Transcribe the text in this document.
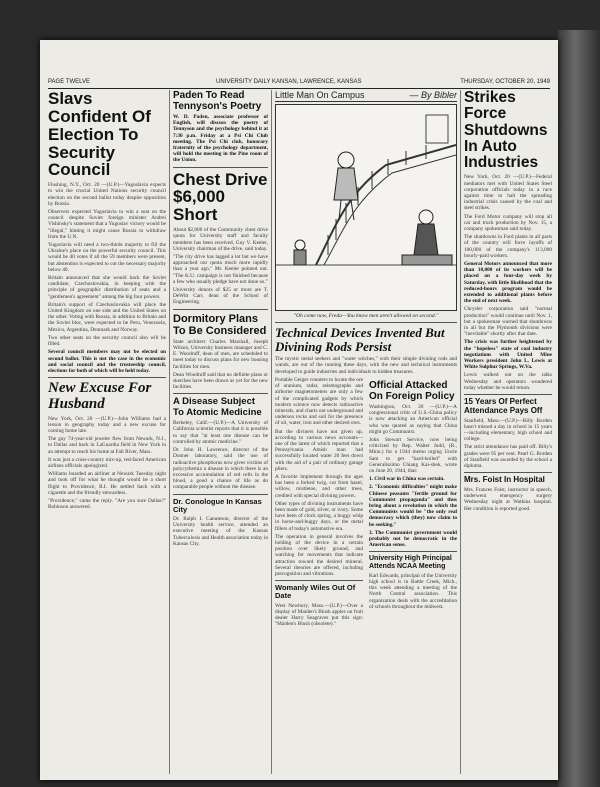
PAGE TWELVE	UNIVERSITY DAILY KANSAN, LAWRENCE, KANSAS	THURSDAY, OCTOBER 20, 1949
Slavs Confident Of Election To Security Council

Flushing, N.Y., Oct. 20 —(U.P.)—Yugoslavia expects to win the crucial United Nations security council election on the second ballot today despite opposition by Russia.

Observers expected Yugoslavia to win a seat on the council despite Soviet foreign minister Andrei Vishinsky's statement that a Yugoslav victory would be "illegal," hinting it might cause Russia to withdraw from the U.N.

Yugoslavia will need a two-thirds majority to fill the Ukraine's place on the powerful security council. This would be 40 votes if all the 59 members were present, but abstention is expected to cut the necessary majority below 40.

Britain announced that she would back the Soviet candidate, Czechoslovakia, in keeping with the principle of geographic distribution of seats and a "gentlemen's agreement" among the big four powers.

Britain's support of Czechoslovakia will place the United Kingdom on one side and the United States on the other. Voting with Russia, in addition to Britain and the Soviet bloc, were expected to be Peru, Venezuela, Mexico, Argentina, Denmark and Norway.

Two other seats on the security council also will be filled.

Several council members may not be elected on second ballot. This is not the case in the economic and social council and the trusteeship council, elections for both of which will be held today.

New Excuse For Husband

New York, Oct. 20 —(U.P.)—John Williams had a lesson in geography today and a new excuse for coming home late.

The gay 74-year-old jeweler flew from Newark, N.J., to Dallas and back in LaGuardia field in New York in an attempt to reach his home at Fall River, Mass.

It was just a cross-country mix-up, red-faced American airlines officials apologized.

Williams boarded an airliner at Newark Tuesday night and took off for what he thought would be a short flight to Providence, R.I. He settled back with a cigarette and the friendly stewardess.

"Providence," came the reply. "Are you sure Dallas?" Robinson answered.

Paden To Read Tennyson's Poetry

W. D. Paden, associate professor of English, will discuss the poetry of Tennyson and the psychology behind it at 7:30 p.m. Friday at a Psi Chi Club meeting. The Psi Chi club, honorary fraternity of the psychology department, will hold the meeting in the Pine room of the Union.

Chest Drive $6,000 Short

About $2,000 of the Community chest drive quota for University staff and faculty members has been received, Guy V. Keeler, University chairman of the drive, said today.

"The city drive has lagged a lot but we have approached our quota much more rapidly than a year ago," Mr. Keeler pointed out. "The K.U. campaign is not finished because a few who usually pledge have not done so."

University donors of $25 or more are T. DeWitt Carr, dean of the School of Engineering.

Dormitory Plans To Be Considered

State architect Charles Marshall, Joseph Wilson, University business manager and C. E. Woodruff, dean of men, are scheduled to meet today to discuss plans for new housing facilities for men.

Dean Woodruff said that no definite plans or sketches have been drawn as yet for the new facilities.

A Disease Subject To Atomic Medicine

Berkeley, Calif.—(U.P.)—A University of California scientist reports that it is possible to say that "at least one disease can be controlled by atomic medicine."

Dr. John H. Lawrence, director of the Donner laboratory, said the use of radioactive phosphorus now gives victims of polycythemia a disease in which there is an excessive accumulation of red cells in the blood, a good a chance of life as do comparable people without the disease.

Dr. Conologue In Kansas City

Dr. Ralph I. Canuteson, director of the University health service, attended an executive meeting of the Kansas Tuberculosis and Health association today in Kansas City.

Little Man On Campus	— By Bibler
"Oh come now, Freda—You know men aren't allowed on second."
Technical Devices Invented But Divining Rods Persist

The mystic metal seekers and "water witches," with their simple divining rods and wands, are out of the running these days, with the new and technical instruments developed to guide industries and individuals to hidden treasures.

Portable Geiger counters to locate the ore of uranium, radar, seismographs and airborne magnetometers are only a few of the complicated gadgets by which modern science now detects radioactive minerals, and charts out underground and undersea rocks and soil for the presence of oil, water, iron and other desired ores.

But the diviners have not given up, according to various news accounts—one of the latest of which reported that a Pennsylvania Amish man had successfully located water 20 feet down with the aid of a pair of ordinary garage pliers.

A favorite implement through the ages has been a forked twig, cut from hazel, willow, mistletoe, and other trees, credited with special divining powers.

Other types of divining instruments have been made of gold, silver, or ivory. Some have been of clock spring, a buggy whip in horse-and-buggy days, or the metal fillers of today's automotive era.

The operation in general involves the holding of the device in a certain position over likely ground, and watching for movements that indicate attraction toward the desired mineral. Several theories are offered, including precognition and vibrations.

Womanly Wiles Out Of Date

West Newbury, Mass.—(U.P.)—Over a display of Maiden's Blush apples on fruit dealer Harry Seagraves put this sign: "Maiden's Blush (obsolete)."

Official Attacked On Foreign Policy

Washington, Oct. 20 —(U.P.)—A congressional critic of U.S.-China policy is now attacking an American official who was quoted as saying that China might go Communist.

John Stewart Service, now being criticized by Rep. Walter Judd, (R., Minn.) for a 1944 memo urging Uncle Sam to get "hard-boiled" with Generalissimo Chiang Kai-shek, wrote on June 20, 1944, that:

1. Civil war in China was certain.

2. "Economic difficulties" might make Chinese peasants "fertile ground for Communist propaganda" and thus bring about a revolution in which the Communists would be "the only real democracy which (they) now claim to be seeking."

3. The Communist government would probably not be democratic in the American sense.

University High Principal Attends NCAA Meeting

Karl Edwards, principal of the University high school is in Battle Creek, Mich., this week attending a meeting of the North Central association. This organization deals with the accreditation of schools throughout the midwest.

Strikes Force Shutdowns In Auto Industries

New York, Oct. 20 —(U.P.)—Federal mediators met with United States Steel corporation officials today in a race against time to halt the spreading industrial crisis caused by the coal and steel strikes.

The Ford Motor company will stop all car and truck production by Nov. 15, a company spokesman said today.

The shutdowns in Ford plants in all parts of the country will force layoffs of 100,000 of the company's 113,000 hourly-paid workers.

General Motors announced that more than 10,000 of its workers will be placed on a four-day week by Saturday, with little likelihood that the reduced-hours program would be extended to additional plants before the end of next week.

Chrysler corporation said "normal production" would continue until Nov. 1, but a spokesman warned that shutdowns in all but the Plymouth divisions were "inevitable" shortly after that date.

The crisis was further heightened by the "hopeless" state of coal industry negotiations with United Mine Workers president John L. Lewis at White Sulphur Springs, W.Va.

Lewis walked out on the talks Wednesday and operators wondered today whether he would return.

15 Years Of Perfect Attendance Pays Off

Stanfield, Mass.—(U.P.)—Billy Borden hasn't missed a day in school in 15 years—including elementary, high school and college.

The strict attendance has paid off. Billy's grades were 95 per cent. Pearl G. Borden of Stanfield was awarded by the school a diploma.

Mrs. Foist In Hospital

Mrs. Frances Foist, instructor in speech, underwent emergency surgery Wednesday night at Watkins hospital. Her condition is reported good.
